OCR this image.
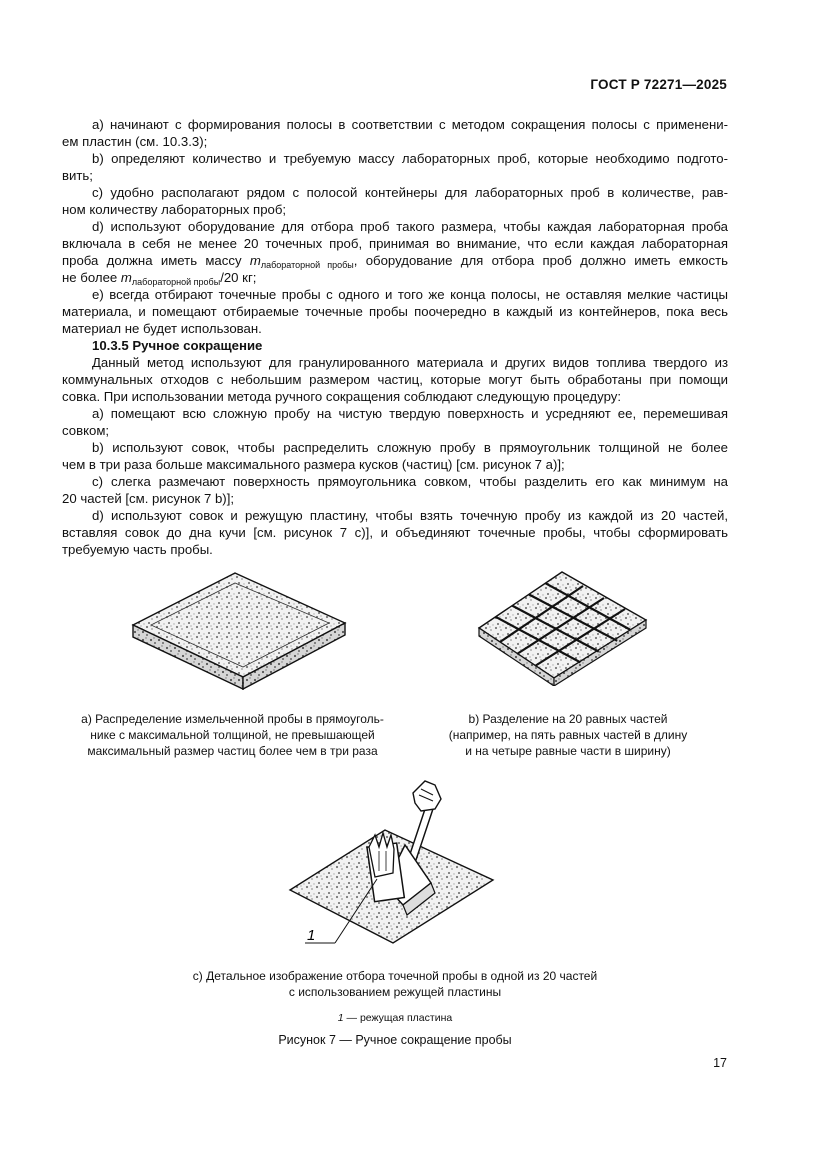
ГОСТ Р 72271—2025

а) начинают с формирования полосы в соответствии с методом сокращения полосы с применени-

ем пластин (см. 10.3.3);

b) определяют количество и требуемую массу лабораторных проб, которые необходимо подгото-

вить;

c) удобно располагают рядом с полосой контейнеры для лабораторных проб в количестве, рав-

ном количеству лабораторных проб;

d) используют оборудование для отбора проб такого размера, чтобы каждая лабораторная проба

включала в себя не менее 20 точечных проб, принимая во внимание, что если каждая лабораторная

проба должна иметь массу $m_{лабораторной пробы}$, оборудование для отбора проб должно иметь емкость

не более $m_{лабораторной пробы}/20$ кг;

e) всегда отбирают точечные пробы с одного и того же конца полосы, не оставляя мелкие частицы

материала, и помещают отбираемые точечные пробы поочередно в каждый из контейнеров, пока весь

материал не будет использован.

10.3.5 Ручное сокращение

Данный метод используют для гранулированного материала и других видов топлива твердого из

коммунальных отходов с небольшим размером частиц, которые могут быть обработаны при помощи

совка. При использовании метода ручного сокращения соблюдают следующую процедуру:

а) помещают всю сложную пробу на чистую твердую поверхность и усредняют ее, перемешивая

совком;

b) используют совок, чтобы распределить сложную пробу в прямоугольник толщиной не более

чем в три раза больше максимального размера кусков (частиц) [см. рисунок 7 а)];

c) слегка размечают поверхность прямоугольника совком, чтобы разделить его как минимум на

20 частей [см. рисунок 7 b)];

d) используют совок и режущую пластину, чтобы взять точечную пробу из каждой из 20 частей,

вставляя совок до дна кучи [см. рисунок 7 c)], и объединяют точечные пробы, чтобы сформировать

требуемую часть пробы.

а) Распределение измельченной пробы в прямоуголь-
нике с максимальной толщиной, не превышающей
максимальный размер частиц более чем в три раза
b) Разделение на 20 равных частей
(например, на пять равных частей в длину
и на четыре равные части в ширину)
1
c) Детальное изображение отбора точечной пробы в одной из 20 частей
с использованием режущей пластины
1 — режущая пластина
Рисунок 7 — Ручное сокращение пробы
17
